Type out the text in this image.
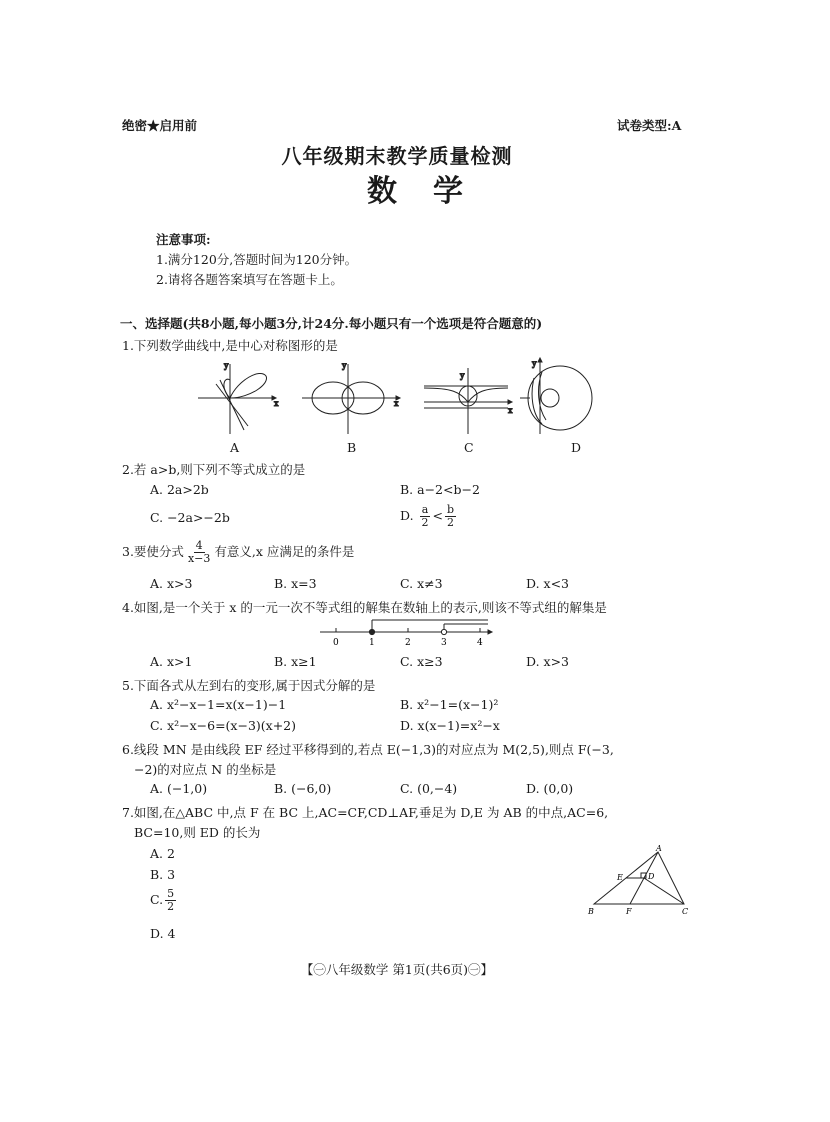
绝密★启用前	试卷类型:A
八年级期末教学质量检测
数学
注意事项:
1.满分120分,答题时间为120分钟。
2.请将各题答案填写在答题卡上。
一、选择题(共8小题,每小题3分,计24分.每小题只有一个选项是符合题意的)
1.下列数学曲线中,是中心对称图形的是
x
y
x
y
x
y
y
A	B	C	D
2.若 a>b,则下列不等式成立的是
A. 2a>2b	B. a−2<b−2
C. −2a>−2b	D. $\frac{a}{2} < \frac{b}{2}$
3.要使分式 $\frac{4}{x-3}$ 有意义,x 应满足的条件是
A. x>3	B. x=3	C. x≠3	D. x<3
4.如图,是一个关于 x 的一元一次不等式组的解集在数轴上的表示,则该不等式组的解集是
0	1	2	3	4
A. x>1	B. x≥1	C. x≥3	D. x>3
5.下面各式从左到右的变形,属于因式分解的是
A. x²−x−1=x(x−1)−1	B. x²−1=(x−1)²
C. x²−x−6=(x−3)(x+2)	D. x(x−1)=x²−x
6.线段 MN 是由线段 EF 经过平移得到的,若点 E(−1,3)的对应点为 M(2,5),则点 F(−3,
−2)的对应点 N 的坐标是
A. (−1,0)	B. (−6,0)	C. (0,−4)	D. (0,0)
7.如图,在△ABC 中,点 F 在 BC 上,AC=CF,CD⊥AF,垂足为 D,E 为 AB 的中点,AC=6,
BC=10,则 ED 的长为
A. 2
B. 3
C. $\frac{5}{2}$
D. 4
A
E	D
B	F	C
【㊀八年级数学 第1页(共6页)㊀】
